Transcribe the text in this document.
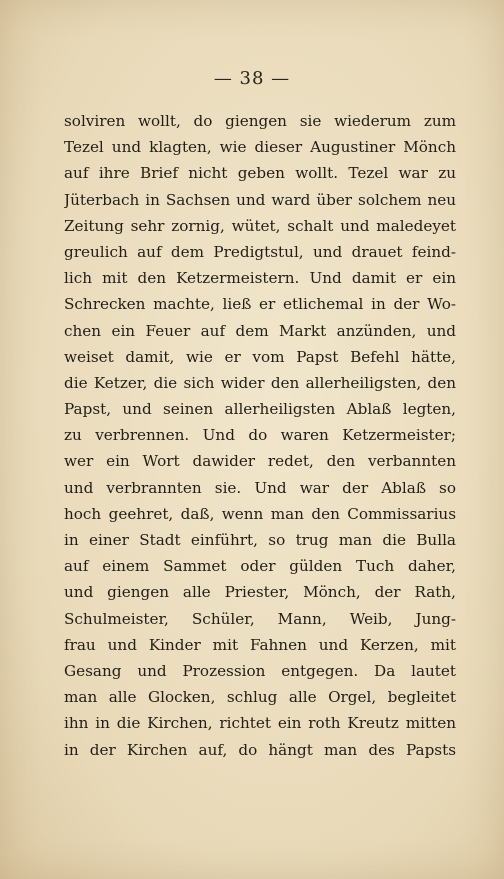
— 38 —
solviren wollt, do giengen sie wiederum zum
Tezel und klagten, wie dieser Augustiner Mönch
auf ihre Brief nicht geben wollt. Tezel war zu
Jüterbach in Sachsen und ward über solchem neu
Zeitung sehr zornig, wütet, schalt und maledeyet
greulich auf dem Predigtstul, und drauet feind-
lich mit den Ketzermeistern. Und damit er ein
Schrecken machte, ließ er etlichemal in der Wo-
chen ein Feuer auf dem Markt anzünden, und
weiset damit, wie er vom Papst Befehl hätte,
die Ketzer, die sich wider den allerheiligsten, den
Papst, und seinen allerheiligsten Ablaß legten,
zu verbrennen. Und do waren Ketzermeister;
wer ein Wort dawider redet, den verbannten
und verbrannten sie. Und war der Ablaß so
hoch geehret, daß, wenn man den Commissarius
in einer Stadt einführt, so trug man die Bulla
auf einem Sammet oder gülden Tuch daher,
und giengen alle Priester, Mönch, der Rath,
Schulmeister, Schüler, Mann, Weib, Jung-
frau und Kinder mit Fahnen und Kerzen, mit
Gesang und Prozession entgegen. Da lautet
man alle Glocken, schlug alle Orgel, begleitet
ihn in die Kirchen, richtet ein roth Kreutz mitten
in der Kirchen auf, do hängt man des Papsts
